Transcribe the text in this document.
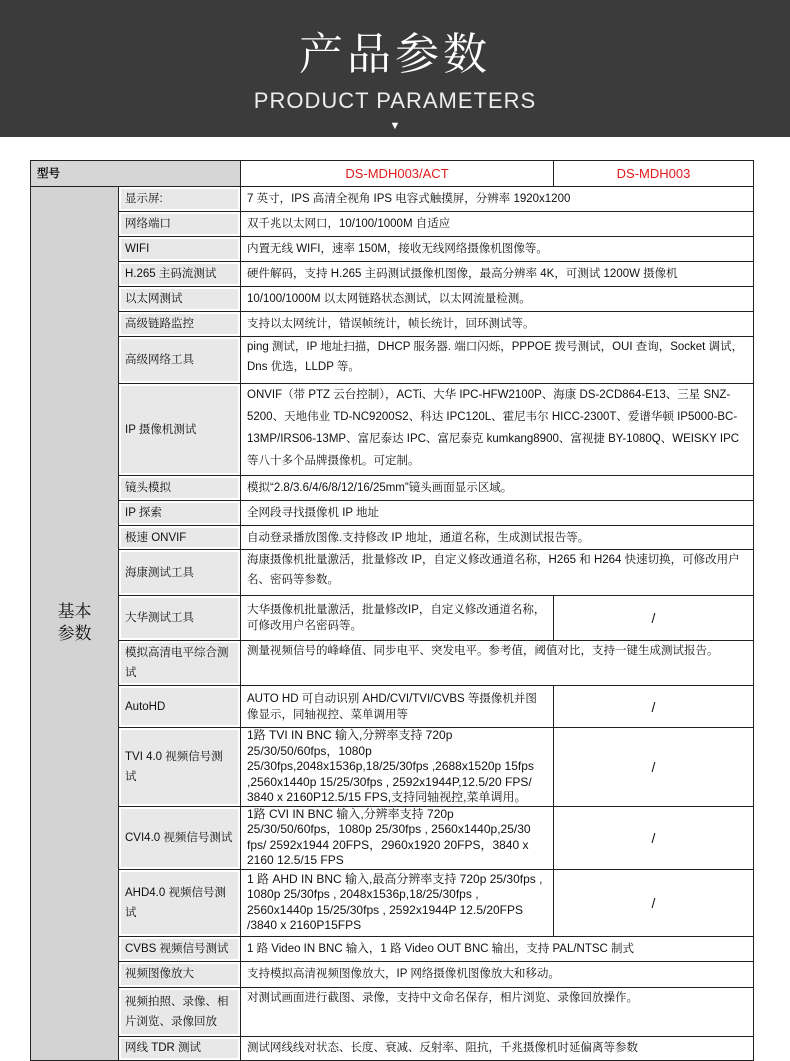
产品参数
PRODUCT PARAMETERS
▼
型号		DS-MDH003/ACT	DS-MDH003
基本
参数	显示屏:	7 英寸，IPS 高清全视角 IPS 电容式触摸屏，分辨率 1920x1200	
	网络端口	双千兆以太网口，10/100/1000M 自适应	
	WIFI	内置无线 WIFI，速率 150M，接收无线网络摄像机图像等。	
	H.265 主码流测试	硬件解码，支持 H.265 主码测试摄像机图像，最高分辨率 4K，可测试 1200W 摄像机	
	以太网测试	10/100/1000M 以太网链路状态测试，以太网流量检测。	
	高级链路监控	支持以太网统计，错误帧统计，帧长统计，回环测试等。	
	高级网络工具	ping 测试，IP 地址扫描，DHCP 服务器. 端口闪烁，PPPOE 拨号测试，OUI 查询，Socket 调试，Dns 优选，LLDP 等。	
	IP 摄像机测试	ONVIF（带 PTZ 云台控制），ACTi、大华 IPC-HFW2100P、海康 DS-2CD864-E13、三星 SNZ-5200、天地伟业 TD-NC9200S2、科达 IPC120L、霍尼韦尔 HICC-2300T、爱谱华顿 IP5000-BC-13MP/IRS06-13MP、富尼泰达 IPC、富尼泰克 kumkang8900、富视捷 BY-1080Q、WEISKY IPC 等八十多个品牌摄像机。可定制。	
	镜头模拟	模拟“2.8/3.6/4/6/8/12/16/25mm”镜头画面显示区域。	
	IP 探索	全网段寻找摄像机 IP 地址	
	极速 ONVIF	自动登录播放图像.支持修改 IP 地址，通道名称，生成测试报告等。	
	海康测试工具	海康摄像机批量激活，批量修改 IP，自定义修改通道名称，H265 和 H264 快速切换，可修改用户名、密码等参数。	
	大华测试工具	大华摄像机批量激活，批量修改IP，自定义修改通道名称，可修改用户名密码等。	/
	模拟高清电平综合测试	测量视频信号的峰峰值、同步电平、突发电平。参考值，阈值对比，支持一键生成测试报告。	
	AutoHD	AUTO HD 可自动识别 AHD/CVI/TVI/CVBS 等摄像机并图像显示，同轴视控、菜单调用等	/
	TVI 4.0 视频信号测试	1路 TVI IN BNC 输入,分辨率支持 720p 25/30/50/60fps，1080p 25/30fps,2048x1536p,18/25/30fps ,2688x1520p 15fps ,2560x1440p 15/25/30fps , 2592x1944P,12.5/20 FPS/ 3840 x 2160P12.5/15 FPS,支持同轴视控,菜单调用。	/
	CVI4.0 视频信号测试	1路 CVI IN BNC 输入,分辨率支持 720p 25/30/50/60fps，1080p 25/30fps , 2560x1440p,25/30 fps/ 2592x1944 20FPS，2960x1920 20FPS，3840 x 2160 12.5/15 FPS	/
	AHD4.0 视频信号测试	1 路 AHD IN BNC 输入,最高分辨率支持 720p 25/30fps , 1080p 25/30fps , 2048x1536p,18/25/30fps , 2560x1440p 15/25/30fps , 2592x1944P 12.5/20FPS /3840 x 2160P15FPS	/
	CVBS 视频信号测试	1 路 Video IN BNC 输入，1 路 Video OUT BNC 输出，支持 PAL/NTSC 制式	
	视频图像放大	支持模拟高清视频图像放大，IP 网络摄像机图像放大和移动。	
	视频拍照、录像、相片浏览、录像回放	对测试画面进行截图、录像，支持中文命名保存，相片浏览、录像回放操作。	
	网线 TDR 测试	测试网线线对状态、长度、衰减、反射率、阻抗，千兆摄像机时延偏离等参数	
